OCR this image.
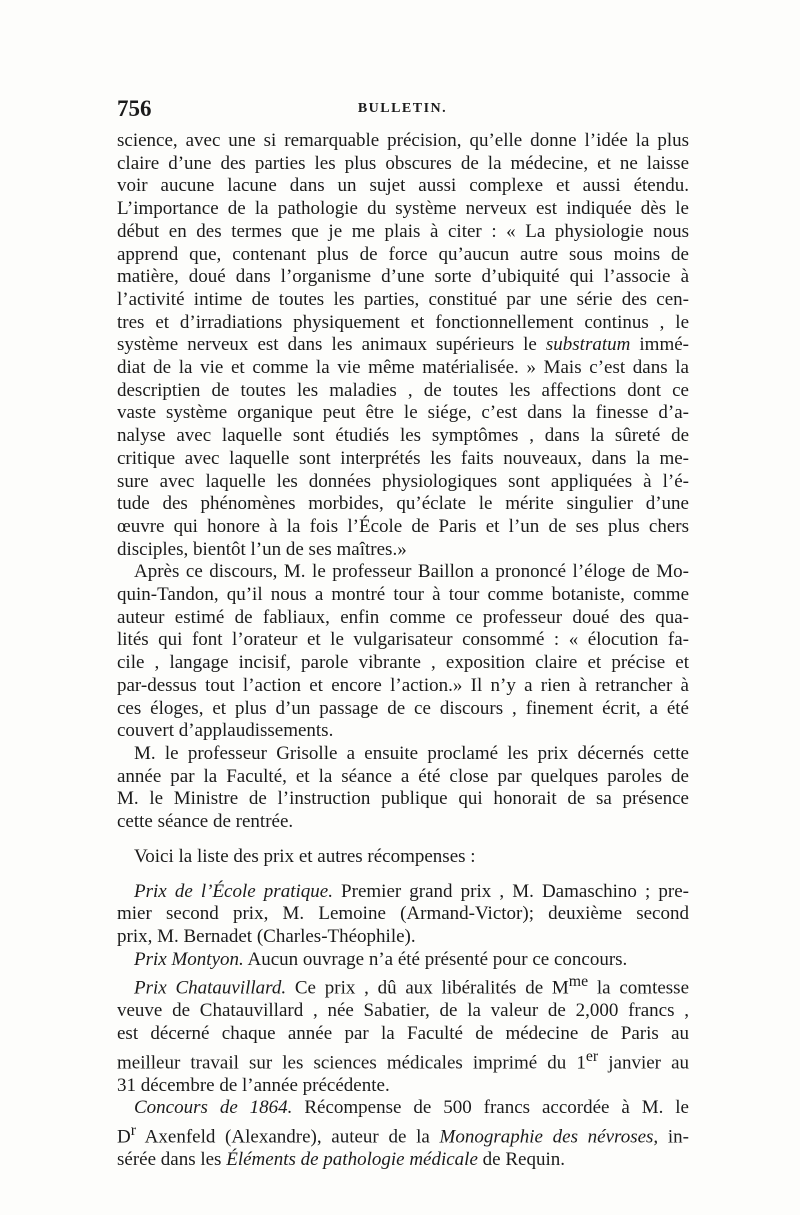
756	BULLETIN.
science, avec une si remarquable précision, qu’elle donne l’idée la plus
claire d’une des parties les plus obscures de la médecine, et ne laisse
voir aucune lacune dans un sujet aussi complexe et aussi étendu.
L’importance de la pathologie du système nerveux est indiquée dès le
début en des termes que je me plais à citer : « La physiologie nous
apprend que, contenant plus de force qu’aucun autre sous moins de
matière, doué dans l’organisme d’une sorte d’ubiquité qui l’associe à
l’activité intime de toutes les parties, constitué par une série des cen-
tres et d’irradiations physiquement et fonctionnellement continus , le
système nerveux est dans les animaux supérieurs le substratum immé-
diat de la vie et comme la vie même matérialisée. » Mais c’est dans la
descriptien de toutes les maladies , de toutes les affections dont ce
vaste système organique peut être le siége, c’est dans la finesse d’a-
nalyse avec laquelle sont étudiés les symptômes , dans la sûreté de
critique avec laquelle sont interprétés les faits nouveaux, dans la me-
sure avec laquelle les données physiologiques sont appliquées à l’é-
tude des phénomènes morbides, qu’éclate le mérite singulier d’une
œuvre qui honore à la fois l’École de Paris et l’un de ses plus chers
disciples, bientôt l’un de ses maîtres.»
Après ce discours, M. le professeur Baillon a prononcé l’éloge de Mo-
quin-Tandon, qu’il nous a montré tour à tour comme botaniste, comme
auteur estimé de fabliaux, enfin comme ce professeur doué des qua-
lités qui font l’orateur et le vulgarisateur consommé : « élocution fa-
cile , langage incisif, parole vibrante , exposition claire et précise et
par-dessus tout l’action et encore l’action.» Il n’y a rien à retrancher à
ces éloges, et plus d’un passage de ce discours , finement écrit, a été
couvert d’applaudissements.
M. le professeur Grisolle a ensuite proclamé les prix décernés cette
année par la Faculté, et la séance a été close par quelques paroles de
M. le Ministre de l’instruction publique qui honorait de sa présence
cette séance de rentrée.
Voici la liste des prix et autres récompenses :
Prix de l’École pratique. Premier grand prix , M. Damaschino ; pre-
mier second prix, M. Lemoine (Armand-Victor); deuxième second
prix, M. Bernadet (Charles-Théophile).
Prix Montyon. Aucun ouvrage n’a été présenté pour ce concours.
Prix Chatauvillard. Ce prix , dû aux libéralités de $M^{me}$ la comtesse
veuve de Chatauvillard , née Sabatier, de la valeur de 2,000 francs ,
est décerné chaque année par la Faculté de médecine de Paris au
meilleur travail sur les sciences médicales imprimé du 1er janvier au
31 décembre de l’année précédente.
Concours de 1864. Récompense de 500 francs accordée à M. le
$D^r$ Axenfeld (Alexandre), auteur de la Monographie des névroses, in-
sérée dans les Éléments de pathologie médicale de Requin.
